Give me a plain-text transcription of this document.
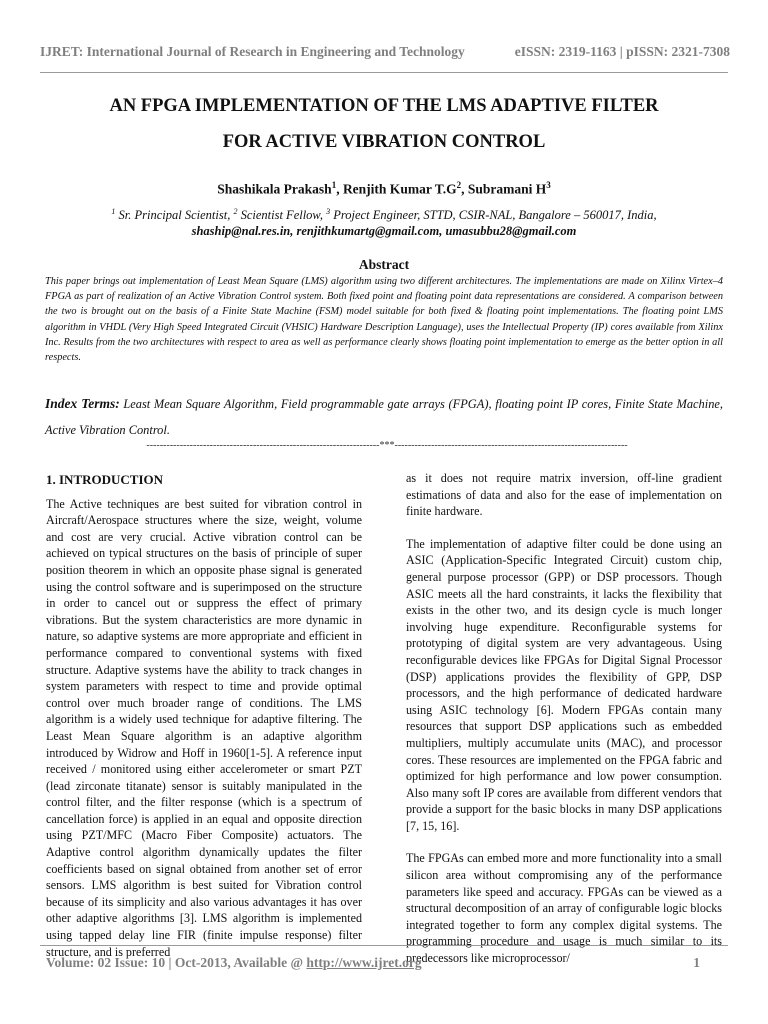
IJRET: International Journal of Research in Engineering and Technology	eISSN: 2319-1163 | pISSN: 2321-7308
AN FPGA IMPLEMENTATION OF THE LMS ADAPTIVE FILTER
FOR ACTIVE VIBRATION CONTROL
Shashikala Prakash$^1$, Renjith Kumar $T.G^2$, Subramani $H^3$
$^1$ Sr. Principal Scientist, $^2$ Scientist Fellow, $^3$ Project Engineer, STTD, CSIR-NAL, Bangalore – 560017, India,
shaship@nal.res.in, renjithkumartg@gmail.com, umasubbu28@gmail.com
Abstract
This paper brings out implementation of Least Mean Square (LMS) algorithm using two different architectures. The implementations are made on Xilinx Virtex–4 FPGA as part of realization of an Active Vibration Control system. Both fixed point and floating point data representations are considered. A comparison between the two is brought out on the basis of a Finite State Machine (FSM) model suitable for both fixed & floating point implementations. The floating point LMS algorithm in VHDL (Very High Speed Integrated Circuit (VHSIC) Hardware Description Language), uses the Intellectual Property (IP) cores available from Xilinx Inc. Results from the two architectures with respect to area as well as performance clearly shows floating point implementation to emerge as the better option in all respects.
Index Terms: Least Mean Square Algorithm, Field programmable gate arrays (FPGA), floating point IP cores, Finite State Machine, Active Vibration Control.
----------------------------------------------------------------------***----------------------------------------------------------------------

1. INTRODUCTION

The Active techniques are best suited for vibration control in Aircraft/Aerospace structures where the size, weight, volume and cost are very crucial. Active vibration control can be achieved on typical structures on the basis of principle of super position theorem in which an opposite phase signal is generated using the control software and is superimposed on the structure in order to cancel out or suppress the effect of primary vibrations. But the system characteristics are more dynamic in nature, so adaptive systems are more appropriate and efficient in performance compared to conventional systems with fixed structure. Adaptive systems have the ability to track changes in system parameters with respect to time and provide optimal control over much broader range of conditions. The LMS algorithm is a widely used technique for adaptive filtering. The Least Mean Square algorithm is an adaptive algorithm introduced by Widrow and Hoff in 1960[1-5]. A reference input received / monitored using either accelerometer or smart PZT (lead zirconate titanate) sensor is suitably manipulated in the control filter, and the filter response (which is a spectrum of cancellation force) is applied in an equal and opposite direction using PZT/MFC (Macro Fiber Composite) actuators. The Adaptive control algorithm dynamically updates the filter coefficients based on signal obtained from another set of error sensors. LMS algorithm is best suited for Vibration control because of its simplicity and also various advantages it has over other adaptive algorithms [3]. LMS algorithm is implemented using tapped delay line FIR (finite impulse response) filter structure, and is preferred

as it does not require matrix inversion, off-line gradient estimations of data and also for the ease of implementation on finite hardware.

The implementation of adaptive filter could be done using an ASIC (Application-Specific Integrated Circuit) custom chip, general purpose processor (GPP) or DSP processors. Though ASIC meets all the hard constraints, it lacks the flexibility that exists in the other two, and its design cycle is much longer involving huge expenditure. Reconfigurable systems for prototyping of digital system are very advantageous. Using reconfigurable devices like FPGAs for Digital Signal Processor (DSP) applications provides the flexibility of GPP, DSP processors, and the high performance of dedicated hardware using ASIC technology [6]. Modern FPGAs contain many resources that support DSP applications such as embedded multipliers, multiply accumulate units (MAC), and processor cores. These resources are implemented on the FPGA fabric and optimized for high performance and low power consumption. Also many soft IP cores are available from different vendors that provide a support for the basic blocks in many DSP applications [7, 15, 16].

The FPGAs can embed more and more functionality into a small silicon area without compromising any of the performance parameters like speed and accuracy. FPGAs can be viewed as a structural decomposition of an array of configurable logic blocks integrated together to form any complex digital systems. The programming procedure and usage is much similar to its predecessors like microprocessor/

Volume: 02 Issue: 10 | Oct-2013, Available @ http://www.ijret.org	1
